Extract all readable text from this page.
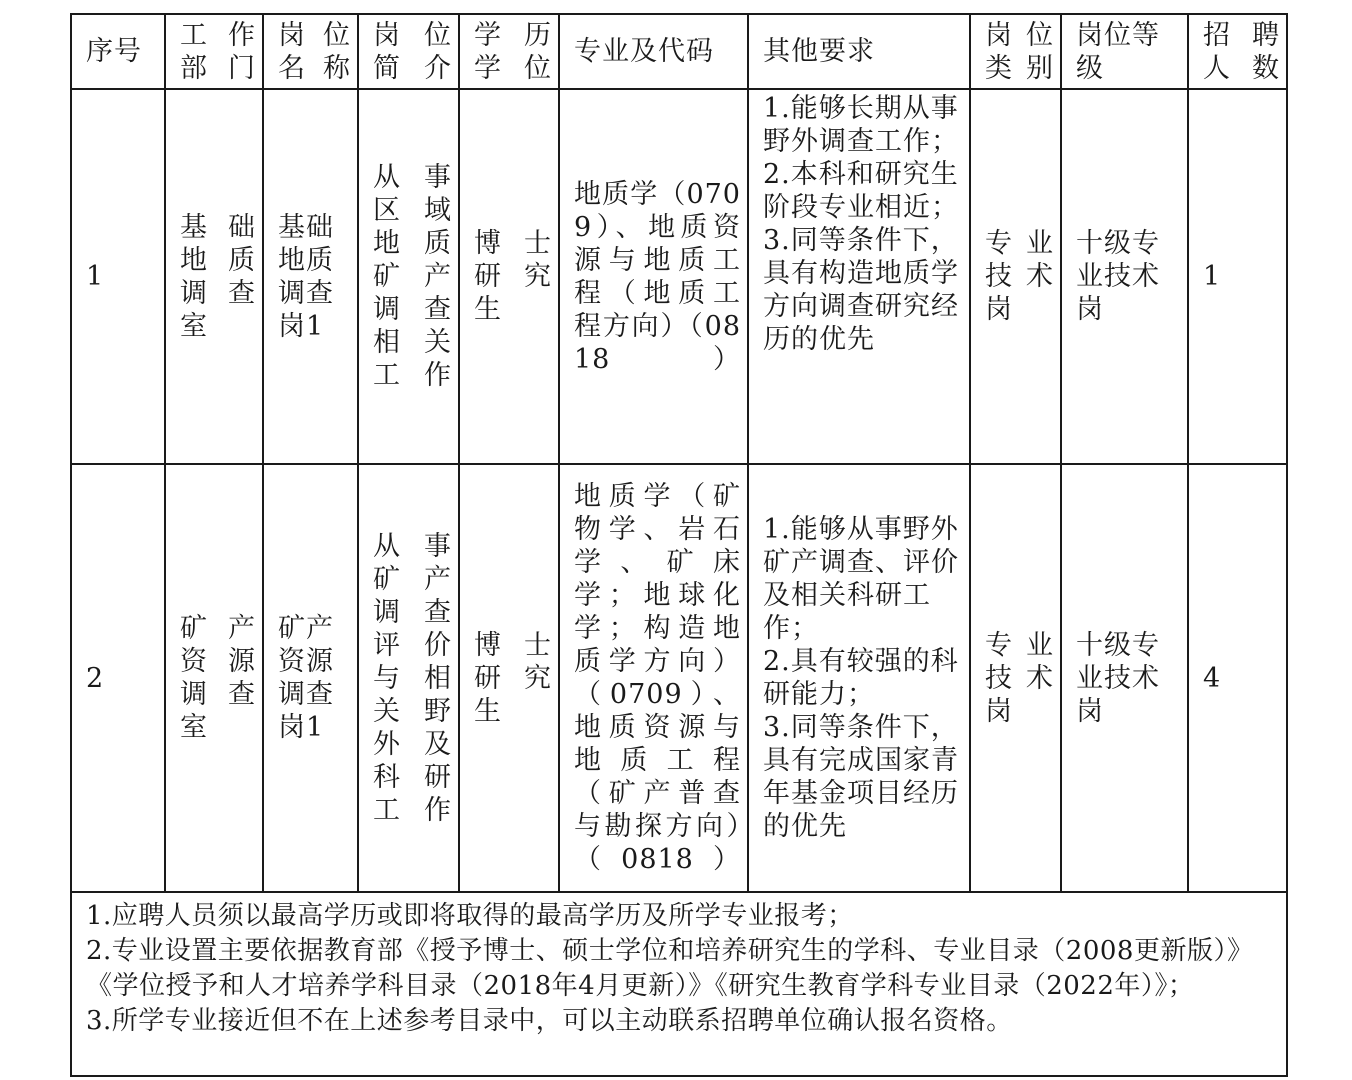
序号	工作部门	岗位名称	岗位简介	学历学位	专业及代码	其他要求	岗位类别	岗位等级	招聘人数

1	基础地质调查室	基础地质调查岗1	从事区域地质矿产调查相关工作	博士研究生	地质学（0709）、地质资源与地质工程（地质工程方向）（0818）	1.能够长期从事野外调查工作；
2.本科和研究生阶段专业相近；
3.同等条件下，具有构造地质学方向调查研究经历的优先	专业技术岗	十级专业技术岗	1

2	矿产资源调查室	矿产资源调查岗1	从事矿产调查评价与相关野外及科研工作	博士研究生	地质学（矿物学、岩石学、矿床学；地球化学；构造地质学方向）（0709）、地质资源与地质工程（矿产普查与勘探方向）（0818）	1.能够从事野外矿产调查、评价及相关科研工作；
2.具有较强的科研能力；
3.同等条件下，具有完成国家青年基金项目经历的优先	专业技术岗	十级专业技术岗	4

1.应聘人员须以最高学历或即将取得的最高学历及所学专业报考；
2.专业设置主要依据教育部《授予博士、硕士学位和培养研究生的学科、专业目录（2008更新版）》《学位授予和人才培养学科目录（2018年4月更新）》《研究生教育学科专业目录（2022年）》；
3.所学专业接近但不在上述参考目录中，可以主动联系招聘单位确认报名资格。									
